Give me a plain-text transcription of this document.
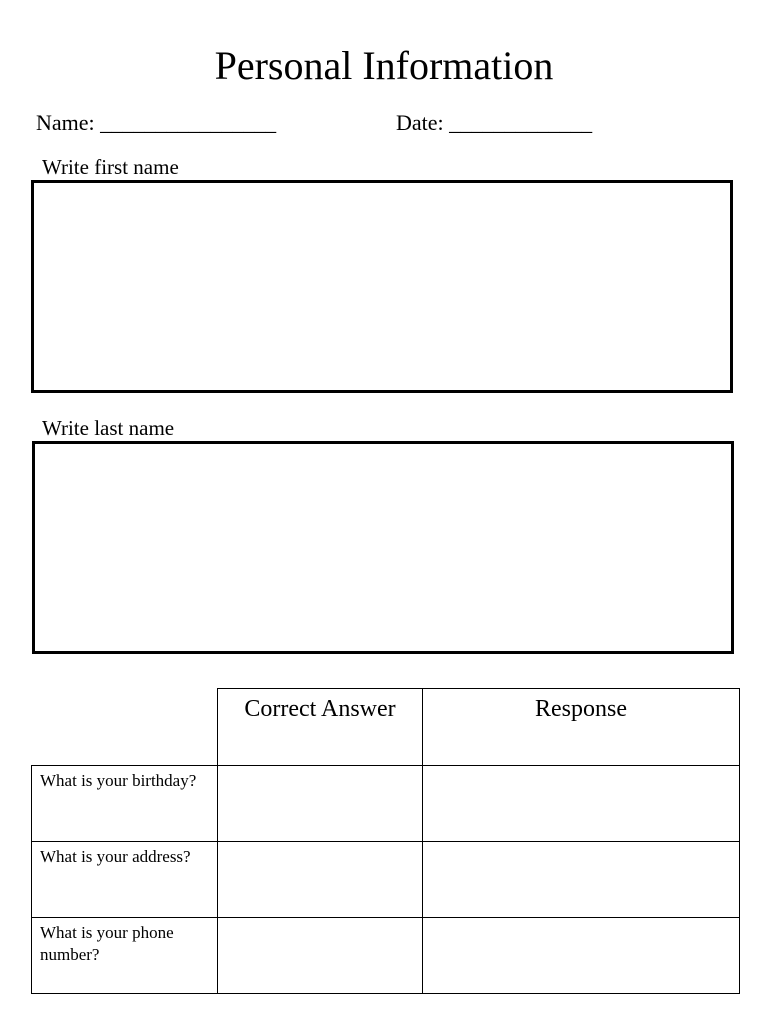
Personal Information
Name: ________________	Date: _____________
Write first name
Write last name
	Correct Answer	Response
What is your birthday?		
What is your address?		
What is your phone number?		
